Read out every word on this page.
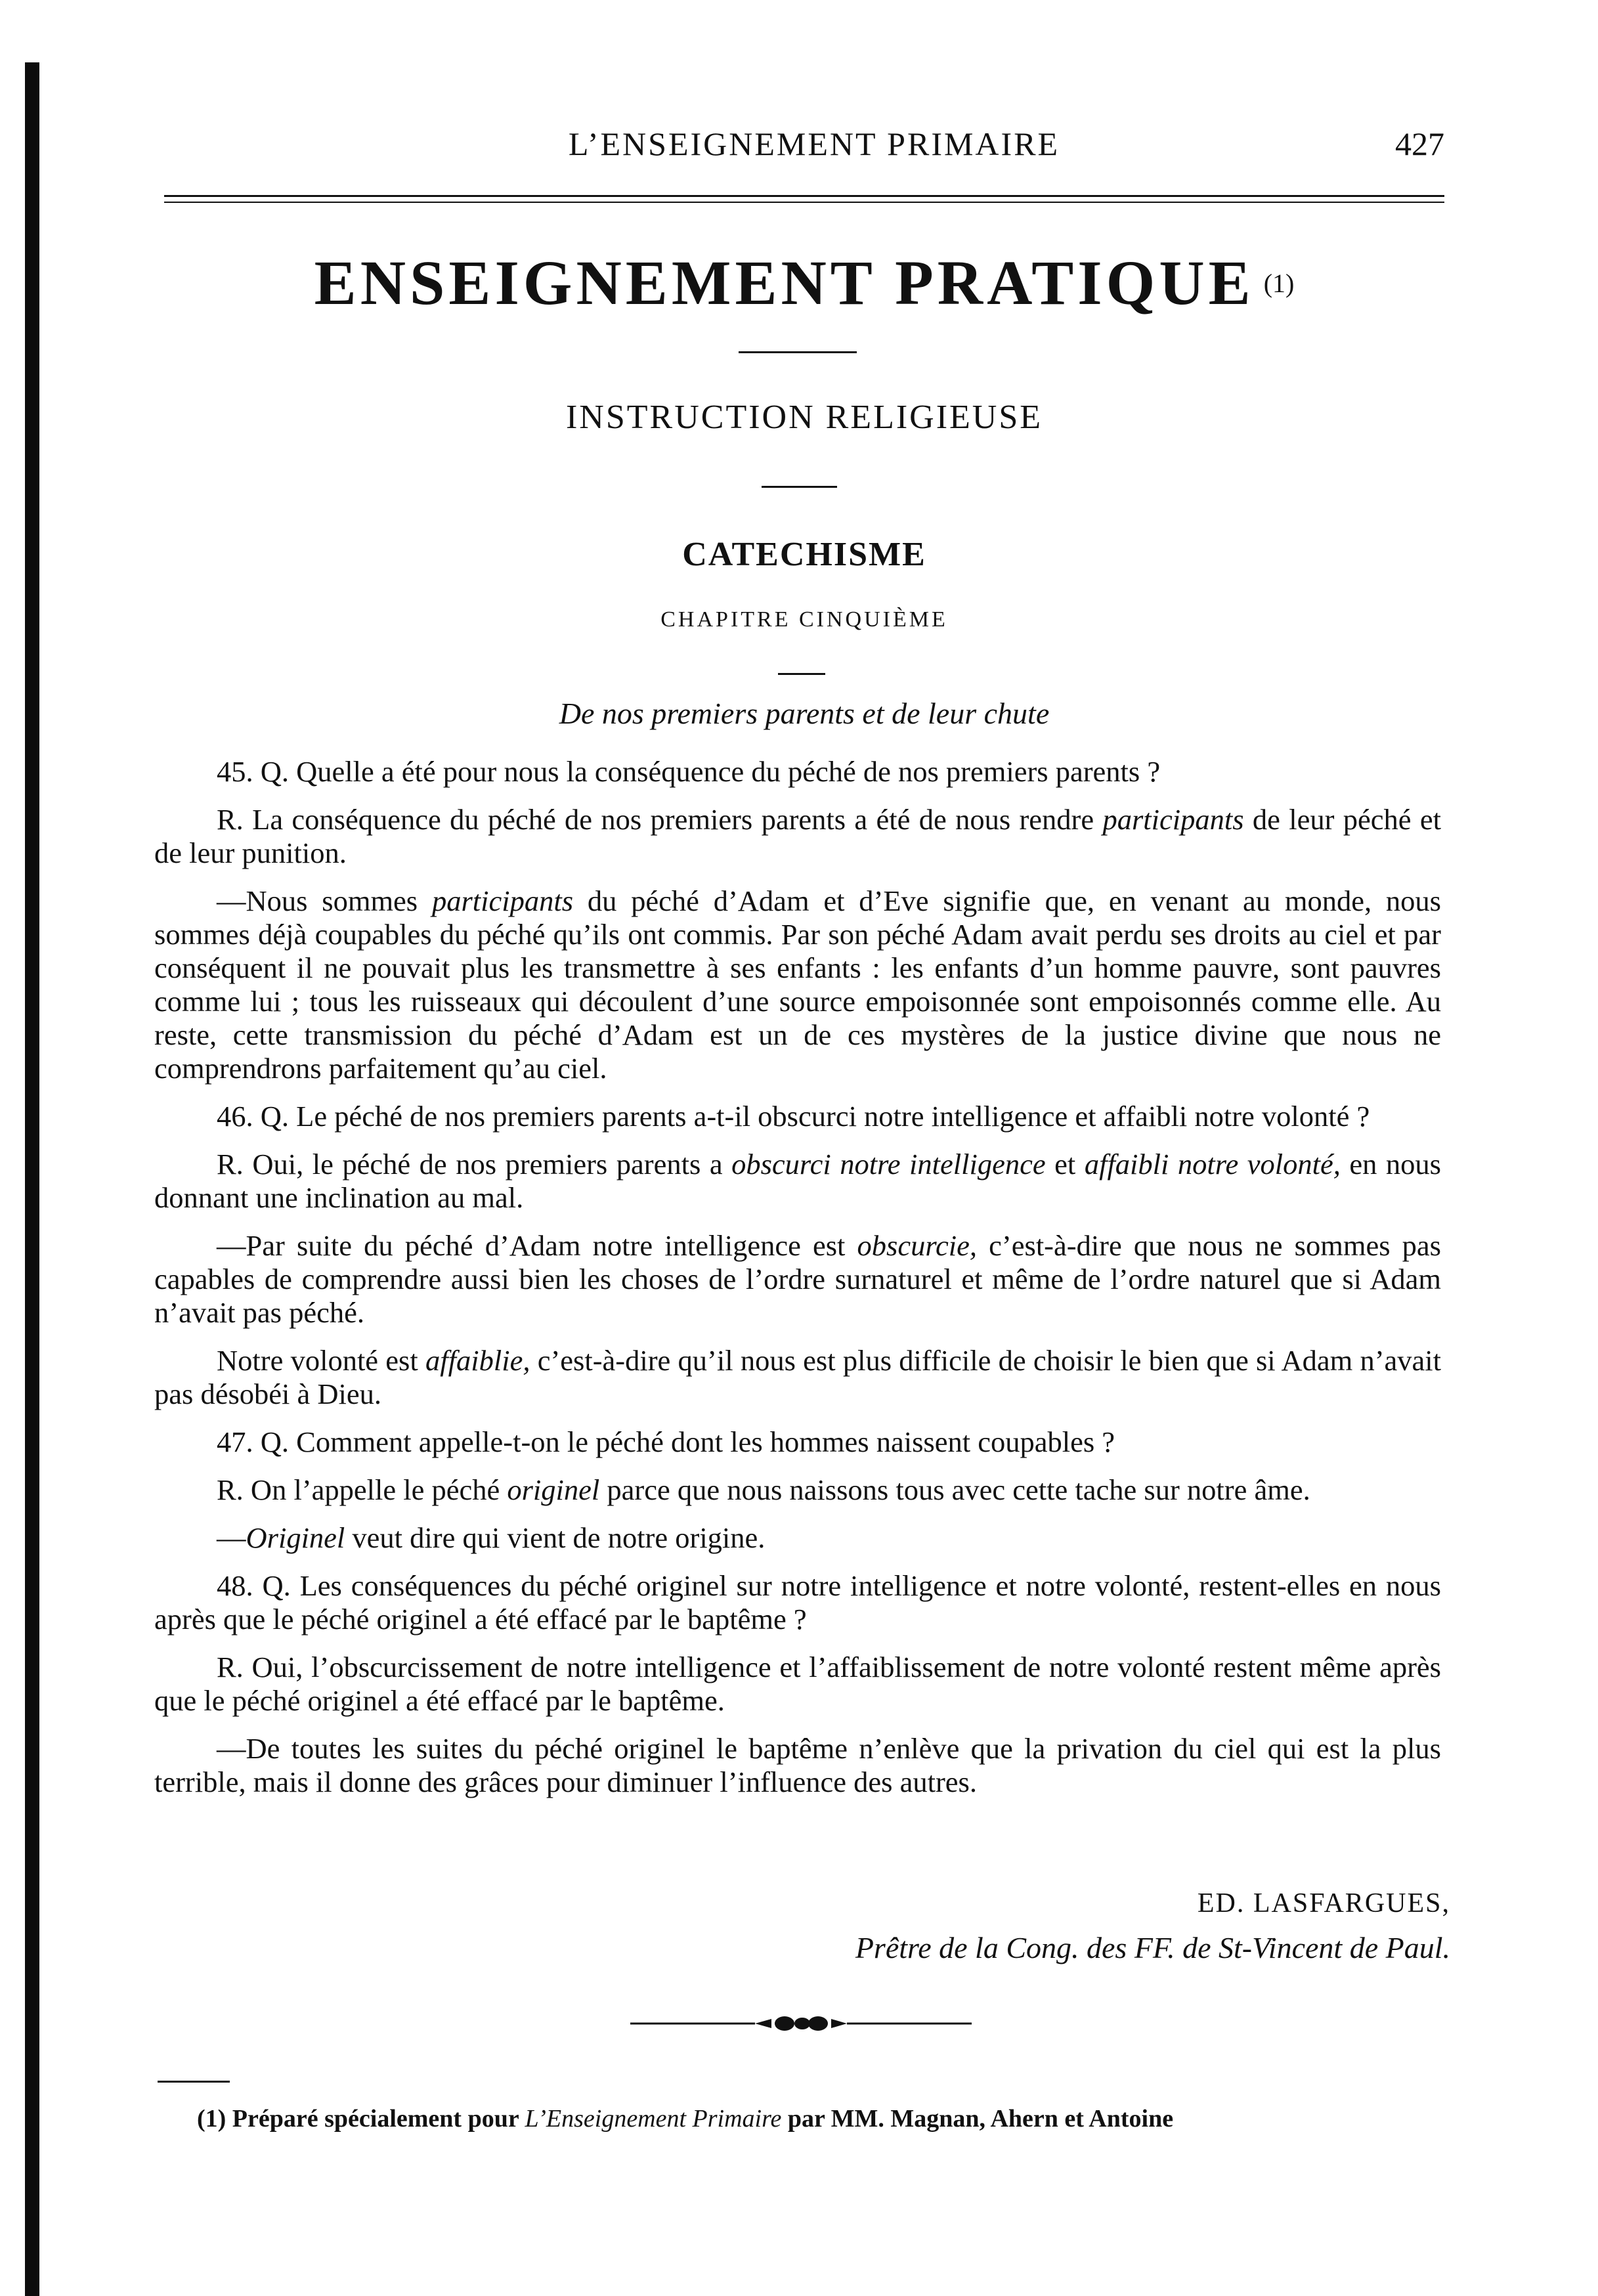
L’ENSEIGNEMENT PRIMAIRE	427
ENSEIGNEMENT PRATIQUE (1)
INSTRUCTION RELIGIEUSE
CATECHISME
CHAPITRE CINQUIÈME
De nos premiers parents et de leur chute

45. Q. Quelle a été pour nous la conséquence du péché de nos premiers parents ?

R. La conséquence du péché de nos premiers parents a été de nous rendre participants de leur péché et de leur punition.

—Nous sommes participants du péché d’Adam et d’Eve signifie que, en venant au monde, nous sommes déjà coupables du péché qu’ils ont commis. Par son péché Adam avait perdu ses droits au ciel et par conséquent il ne pouvait plus les transmettre à ses enfants : les enfants d’un homme pauvre, sont pauvres comme lui ; tous les ruisseaux qui découlent d’une source empoisonnée sont empoisonnés comme elle. Au reste, cette transmission du péché d’Adam est un de ces mystères de la justice divine que nous ne comprendrons parfaitement qu’au ciel.

46. Q. Le péché de nos premiers parents a-t-il obscurci notre intelligence et affaibli notre volonté ?

R. Oui, le péché de nos premiers parents a obscurci notre intelligence et affaibli notre volonté, en nous donnant une inclination au mal.

—Par suite du péché d’Adam notre intelligence est obscurcie, c’est-à-dire que nous ne sommes pas capables de comprendre aussi bien les choses de l’ordre surnaturel et même de l’ordre naturel que si Adam n’avait pas péché.

Notre volonté est affaiblie, c’est-à-dire qu’il nous est plus difficile de choisir le bien que si Adam n’avait pas désobéi à Dieu.

47. Q. Comment appelle-t-on le péché dont les hommes naissent coupables ?

R. On l’appelle le péché originel parce que nous naissons tous avec cette tache sur notre âme.

—Originel veut dire qui vient de notre origine.

48. Q. Les conséquences du péché originel sur notre intelligence et notre volonté, restent-elles en nous après que le péché originel a été effacé par le baptême ?

R. Oui, l’obscurcissement de notre intelligence et l’affaiblissement de notre volonté restent même après que le péché originel a été effacé par le baptême.

—De toutes les suites du péché originel le baptême n’enlève que la privation du ciel qui est la plus terrible, mais il donne des grâces pour diminuer l’influence des autres.

ED. LASFARGUES,
Prêtre de la Cong. des FF. de St-Vincent de Paul.
(1) Préparé spécialement pour L’Enseignement Primaire par MM. Magnan, Ahern et Antoine
